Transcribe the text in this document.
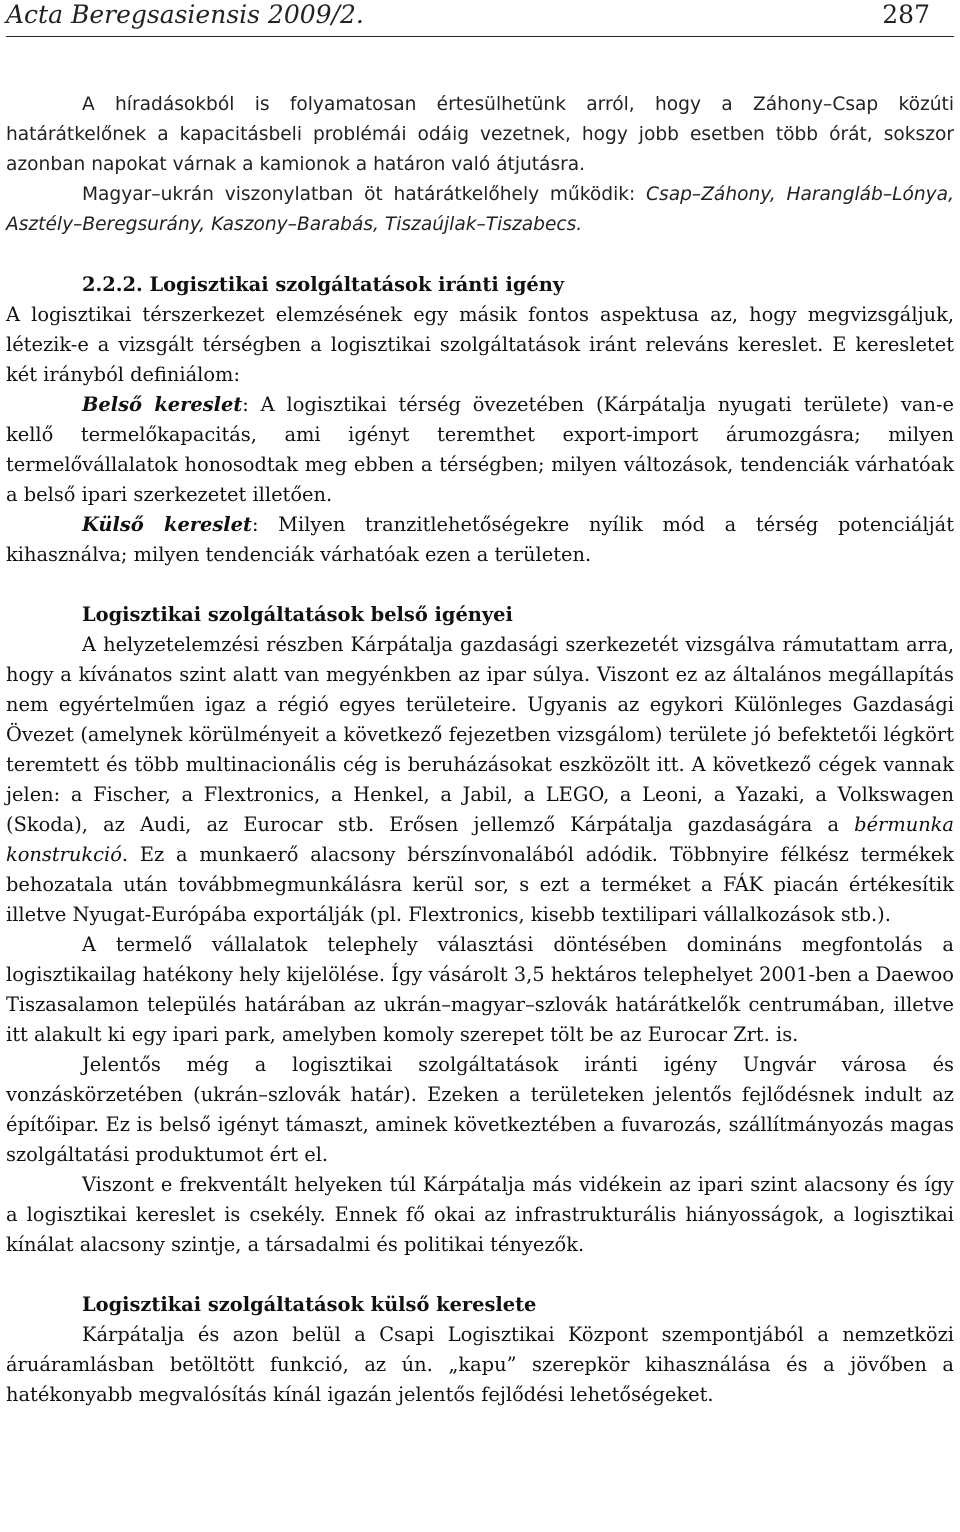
Acta Beregsasiensis 2009/2.	287

A híradásokból is folyamatosan értesülhetünk arról, hogy a Záhony–Csap közúti határátkelőnek a kapacitásbeli problémái odáig vezetnek, hogy jobb esetben több órát, sokszor azonban napokat várnak a kamionok a határon való átjutásra.

Magyar–ukrán viszonylatban öt határátkelőhely működik: Csap–Záhony, Harangláb–Lónya, Asztély–Beregsurány, Kaszony–Barabás, Tiszaújlak–Tiszabecs.

2.2.2. Logisztikai szolgáltatások iránti igény

A logisztikai térszerkezet elemzésének egy másik fontos aspektusa az, hogy megvizsgáljuk, létezik-e a vizsgált térségben a logisztikai szolgáltatások iránt releváns kereslet. E keresletet két irányból definiálom:

Belső kereslet: A logisztikai térség övezetében (Kárpátalja nyugati területe) van-e kellő termelőkapacitás, ami igényt teremthet export-import árumozgásra; milyen termelővállalatok honosodtak meg ebben a térségben; milyen változások, tendenciák várhatóak a belső ipari szerkezetet illetően.

Külső kereslet: Milyen tranzitlehetőségekre nyílik mód a térség potenciálját kihasználva; milyen tendenciák várhatóak ezen a területen.

Logisztikai szolgáltatások belső igényei

A helyzetelemzési részben Kárpátalja gazdasági szerkezetét vizsgálva rámutattam arra, hogy a kívánatos szint alatt van megyénkben az ipar súlya. Viszont ez az általános megállapítás nem egyértelműen igaz a régió egyes területeire. Ugyanis az egykori Különleges Gazdasági Övezet (amelynek körülményeit a következő fejezetben vizsgálom) területe jó befektetői légkört teremtett és több multinacionális cég is beruházásokat eszközölt itt. A következő cégek vannak jelen: a Fischer, a Flextronics, a Henkel, a Jabil, a LEGO, a Leoni, a Yazaki, a Volkswagen (Skoda), az Audi, az Eurocar stb. Erősen jellemző Kárpátalja gazdaságára a bérmunka konstrukció. Ez a munkaerő alacsony bérszínvonalából adódik. Többnyire félkész termékek behozatala után továbbmegmunkálásra kerül sor, s ezt a terméket a FÁK piacán értékesítik illetve Nyugat-Európába exportálják (pl. Flextronics, kisebb textilipari vállalkozások stb.).

A termelő vállalatok telephely választási döntésében domináns megfontolás a logisztikailag hatékony hely kijelölése. Így vásárolt 3,5 hektáros telephelyet 2001-ben a Daewoo Tiszasalamon település határában az ukrán–magyar–szlovák határátkelők centrumában, illetve itt alakult ki egy ipari park, amelyben komoly szerepet tölt be az Eurocar Zrt. is.

Jelentős még a logisztikai szolgáltatások iránti igény Ungvár városa és vonzáskörzetében (ukrán–szlovák határ). Ezeken a területeken jelentős fejlődésnek indult az építőipar. Ez is belső igényt támaszt, aminek következtében a fuvarozás, szállítmányozás magas szolgáltatási produktumot ért el.

Viszont e frekventált helyeken túl Kárpátalja más vidékein az ipari szint alacsony és így a logisztikai kereslet is csekély. Ennek fő okai az infrastrukturális hiányosságok, a logisztikai kínálat alacsony szintje, a társadalmi és politikai tényezők.

Logisztikai szolgáltatások külső kereslete

Kárpátalja és azon belül a Csapi Logisztikai Központ szempontjából a nemzetközi áruáramlásban betöltött funkció, az ún. „kapu” szerepkör kihasználása és a jövőben a hatékonyabb megvalósítás kínál igazán jelentős fejlődési lehetőségeket.
